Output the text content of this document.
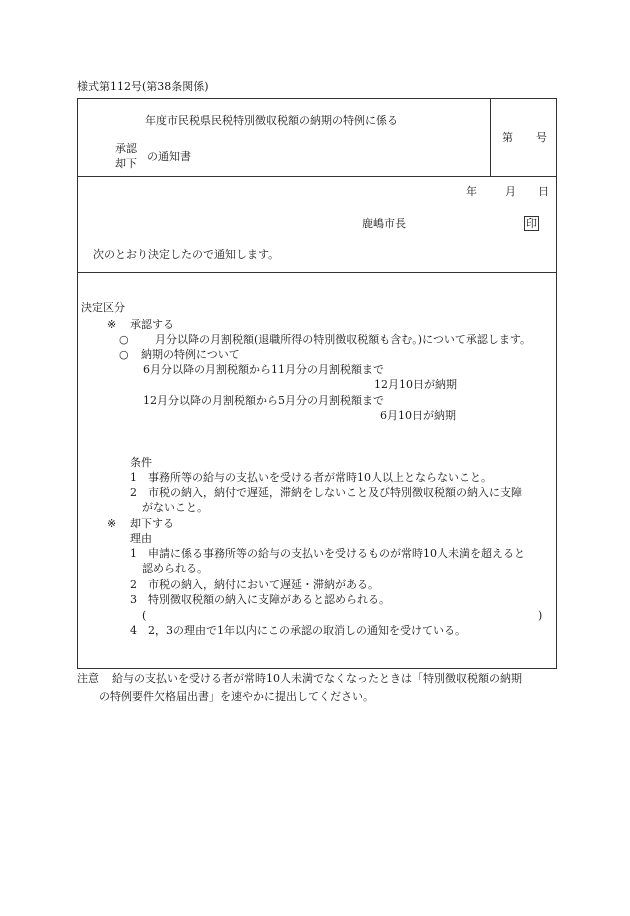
様式第112号(第38条関係)
年度市民税県民税特別徴収税額の納期の特例に係る
承認
却下
の通知書
第 号
年	月 日
鹿嶋市長	印
次のとおり決定したので通知します。
決定区分
※ 承認する
○ 月分以降の月割税額(退職所得の特別徴収税額も含む。)について承認します。
○ 納期の特例について
6月分以降の月割税額から11月分の月割税額まで
12月10日が納期
12月分以降の月割税額から5月分の月割税額まで
6月10日が納期
条件
1　事務所等の給与の支払いを受ける者が常時10人以上とならないこと。
2　市税の納入，納付で遅延，滞納をしないこと及び特別徴収税額の納入に支障
がないこと。
※ 却下する
理由
1　申請に係る事務所等の給与の支払いを受けるものが常時10人未満を超えると
認められる。
2　市税の納入，納付において遅延・滞納がある。
3　特別徴収税額の納入に支障があると認められる。
(	)
4　2，3の理由で1年以内にこの承認の取消しの通知を受けている。
注意 給与の支払いを受ける者が常時10人未満でなくなったときは「特別徴収税額の納期
の特例要件欠格届出書」を速やかに提出してください。
